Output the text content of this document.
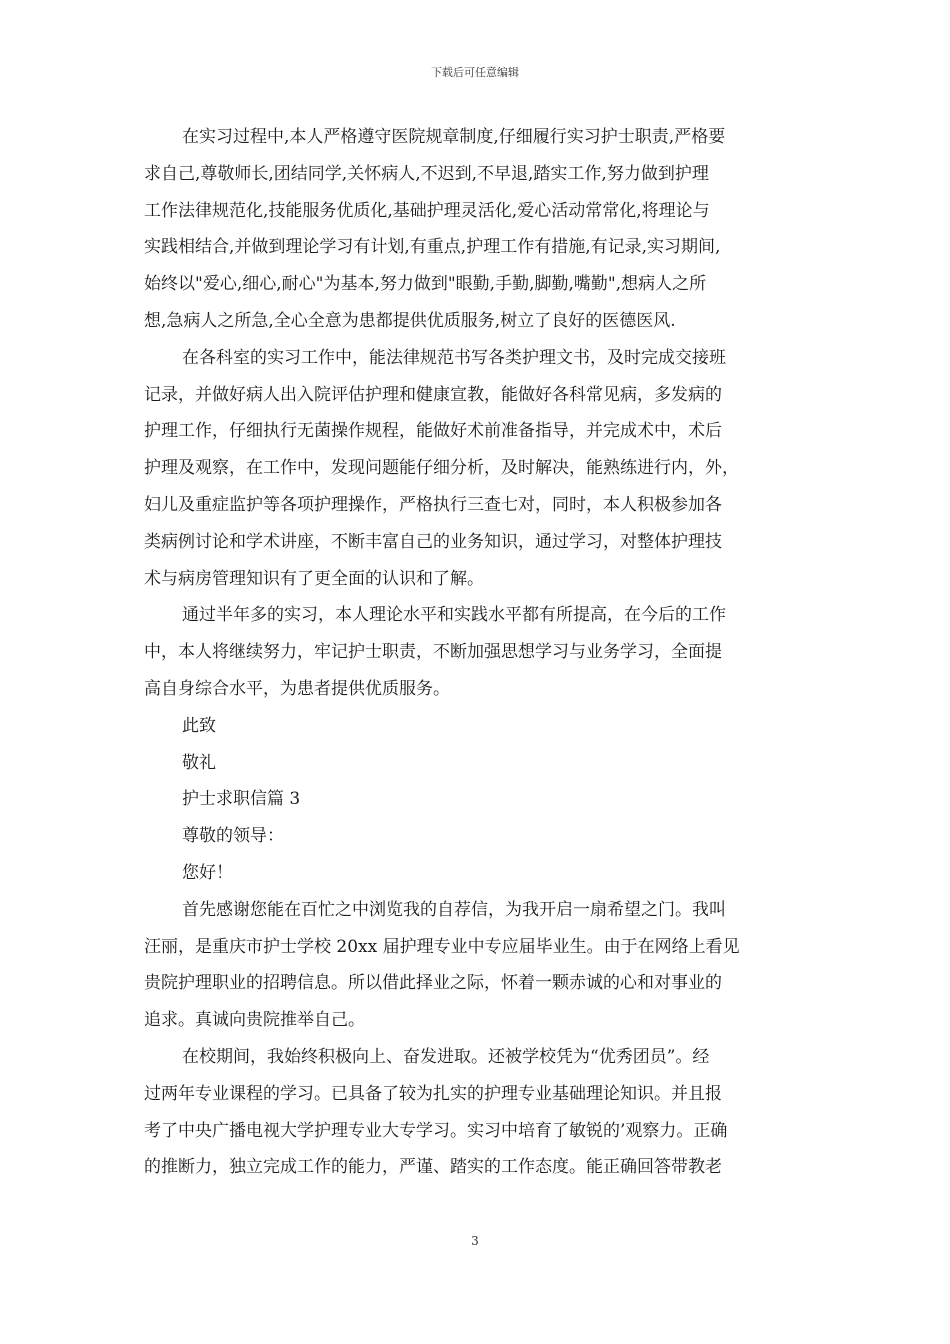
下载后可任意编辑

在实习过程中,本人严格遵守医院规章制度,仔细履行实习护士职责,严格要
求自己,尊敬师长,团结同学,关怀病人,不迟到,不早退,踏实工作,努力做到护理
工作法律规范化,技能服务优质化,基础护理灵活化,爱心活动常常化,将理论与
实践相结合,并做到理论学习有计划,有重点,护理工作有措施,有记录,实习期间,
始终以"爱心,细心,耐心"为基本,努力做到"眼勤,手勤,脚勤,嘴勤",想病人之所
想,急病人之所急,全心全意为患都提供优质服务,树立了良好的医德医风.

在各科室的实习工作中，能法律规范书写各类护理文书，及时完成交接班
记录，并做好病人出入院评估护理和健康宣教，能做好各科常见病，多发病的
护理工作，仔细执行无菌操作规程，能做好术前准备指导，并完成术中，术后
护理及观察，在工作中，发现问题能仔细分析，及时解决，能熟练进行内，外，
妇儿及重症监护等各项护理操作，严格执行三查七对，同时，本人积极参加各
类病例讨论和学术讲座，不断丰富自己的业务知识，通过学习，对整体护理技
术与病房管理知识有了更全面的认识和了解。

通过半年多的实习，本人理论水平和实践水平都有所提高，在今后的工作
中，本人将继续努力，牢记护士职责，不断加强思想学习与业务学习，全面提
高自身综合水平，为患者提供优质服务。

此致

敬礼

护士求职信篇 3

尊敬的领导：

您好！

首先感谢您能在百忙之中浏览我的自荐信，为我开启一扇希望之门。我叫
汪丽，是重庆市护士学校 20xx 届护理专业中专应届毕业生。由于在网络上看见
贵院护理职业的招聘信息。所以借此择业之际，怀着一颗赤诚的心和对事业的
追求。真诚向贵院推举自己。

在校期间，我始终积极向上、奋发进取。还被学校凭为“优秀团员”。经
过两年专业课程的学习。已具备了较为扎实的护理专业基础理论知识。并且报
考了中央广播电视大学护理专业大专学习。实习中培育了敏锐的’观察力。正确
的推断力，独立完成工作的能力，严谨、踏实的工作态度。能正确回答带教老

3
